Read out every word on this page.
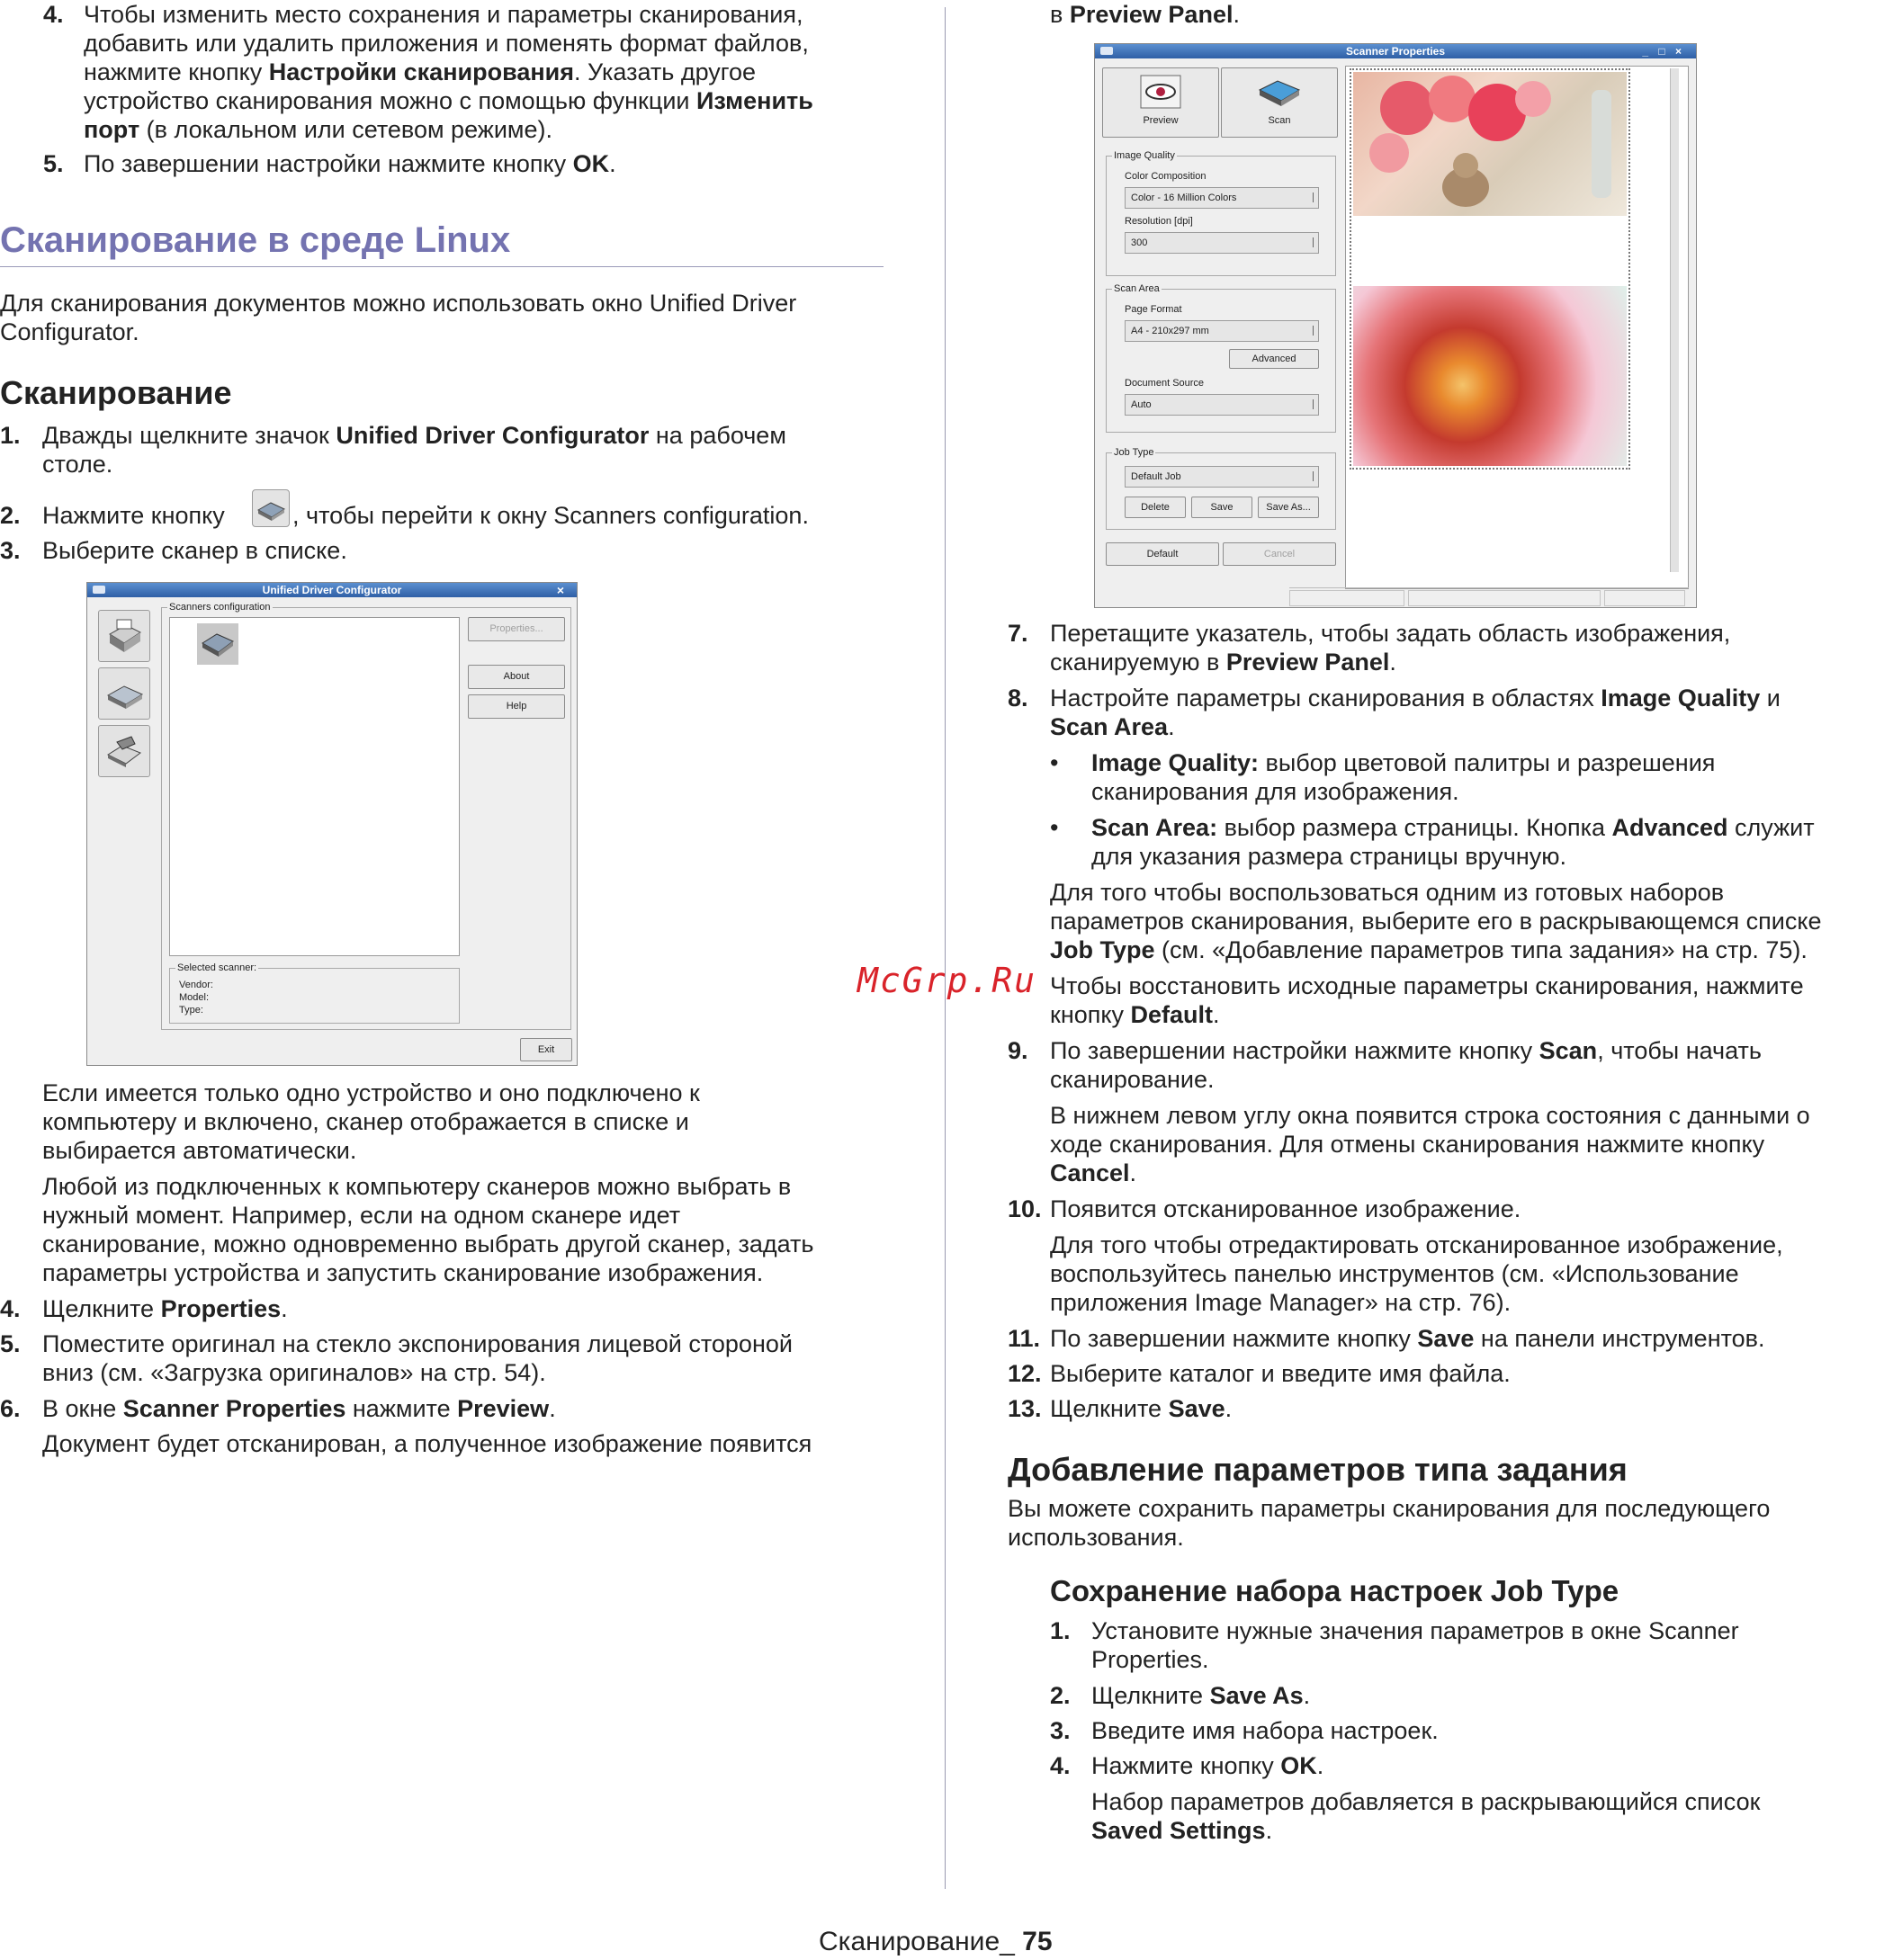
4. Чтобы изменить место сохранения и параметры сканирования,
добавить или удалить приложения и поменять формат файлов,
нажмите кнопку Настройки сканирования. Указать другое
устройство сканирования можно с помощью функции Изменить
порт (в локальном или сетевом режиме).
5. По завершении настройки нажмите кнопку OK.
Сканирование в среде Linux
Для сканирования документов можно использовать окно Unified Driver
Configurator.
Сканирование
1. Дважды щелкните значок Unified Driver Configurator на рабочем
столе.
2. Нажмите кнопку	, чтобы перейти к окну Scanners configuration.
3. Выберите сканер в списке.
Unified Driver Configurator	×
Scanners configuration
Properties...
About
Help
Selected scanner:
Vendor:
Model:
Type:
Exit
Если имеется только одно устройство и оно подключено к
компьютеру и включено, сканер отображается в списке и
выбирается автоматически.
Любой из подключенных к компьютеру сканеров можно выбрать в
нужный момент. Например, если на одном сканере идет
сканирование, можно одновременно выбрать другой сканер, задать
параметры устройства и запустить сканирование изображения.
4. Щелкните Properties.
5. Поместите оригинал на стекло экспонирования лицевой стороной
вниз (см. «Загрузка оригиналов» на стр. 54).
6. В окне Scanner Properties нажмите Preview.
Документ будет отсканирован, а полученное изображение появится
в Preview Panel.
Scanner Properties	_ □ ×
Preview	Scan
Image Quality
Color Composition
Color - 16 Million Colors
Resolution [dpi]
300
Scan Area
Page Format
A4 - 210x297 mm
Advanced
Document Source
Auto
Job Type
Default Job
Delete	Save	Save As...
Default	Cancel
7. Перетащите указатель, чтобы задать область изображения,
сканируемую в Preview Panel.
8. Настройте параметры сканирования в областях Image Quality и
Scan Area.
• Image Quality: выбор цветовой палитры и разрешения
сканирования для изображения.
• Scan Area: выбор размера страницы. Кнопка Advanced служит
для указания размера страницы вручную.
Для того чтобы воспользоваться одним из готовых наборов
параметров сканирования, выберите его в раскрывающемся списке
Job Type (см. «Добавление параметров типа задания» на стр. 75).
Чтобы восстановить исходные параметры сканирования, нажмите
кнопку Default.
9. По завершении настройки нажмите кнопку Scan, чтобы начать
сканирование.
В нижнем левом углу окна появится строка состояния с данными о
ходе сканирования. Для отмены сканирования нажмите кнопку
Cancel.
10. Появится отсканированное изображение.
Для того чтобы отредактировать отсканированное изображение,
воспользуйтесь панелью инструментов (см. «Использование
приложения Image Manager» на стр. 76).
11. По завершении нажмите кнопку Save на панели инструментов.
12. Выберите каталог и введите имя файла.
13. Щелкните Save.
Добавление параметров типа задания
Вы можете сохранить параметры сканирования для последующего
использования.
Сохранение набора настроек Job Type
1. Установите нужные значения параметров в окне Scanner
Properties.
2. Щелкните Save As.
3. Введите имя набора настроек.
4. Нажмите кнопку OK.
Набор параметров добавляется в раскрывающийся список
Saved Settings.
McGrp.Ru
Сканирование_ 75
